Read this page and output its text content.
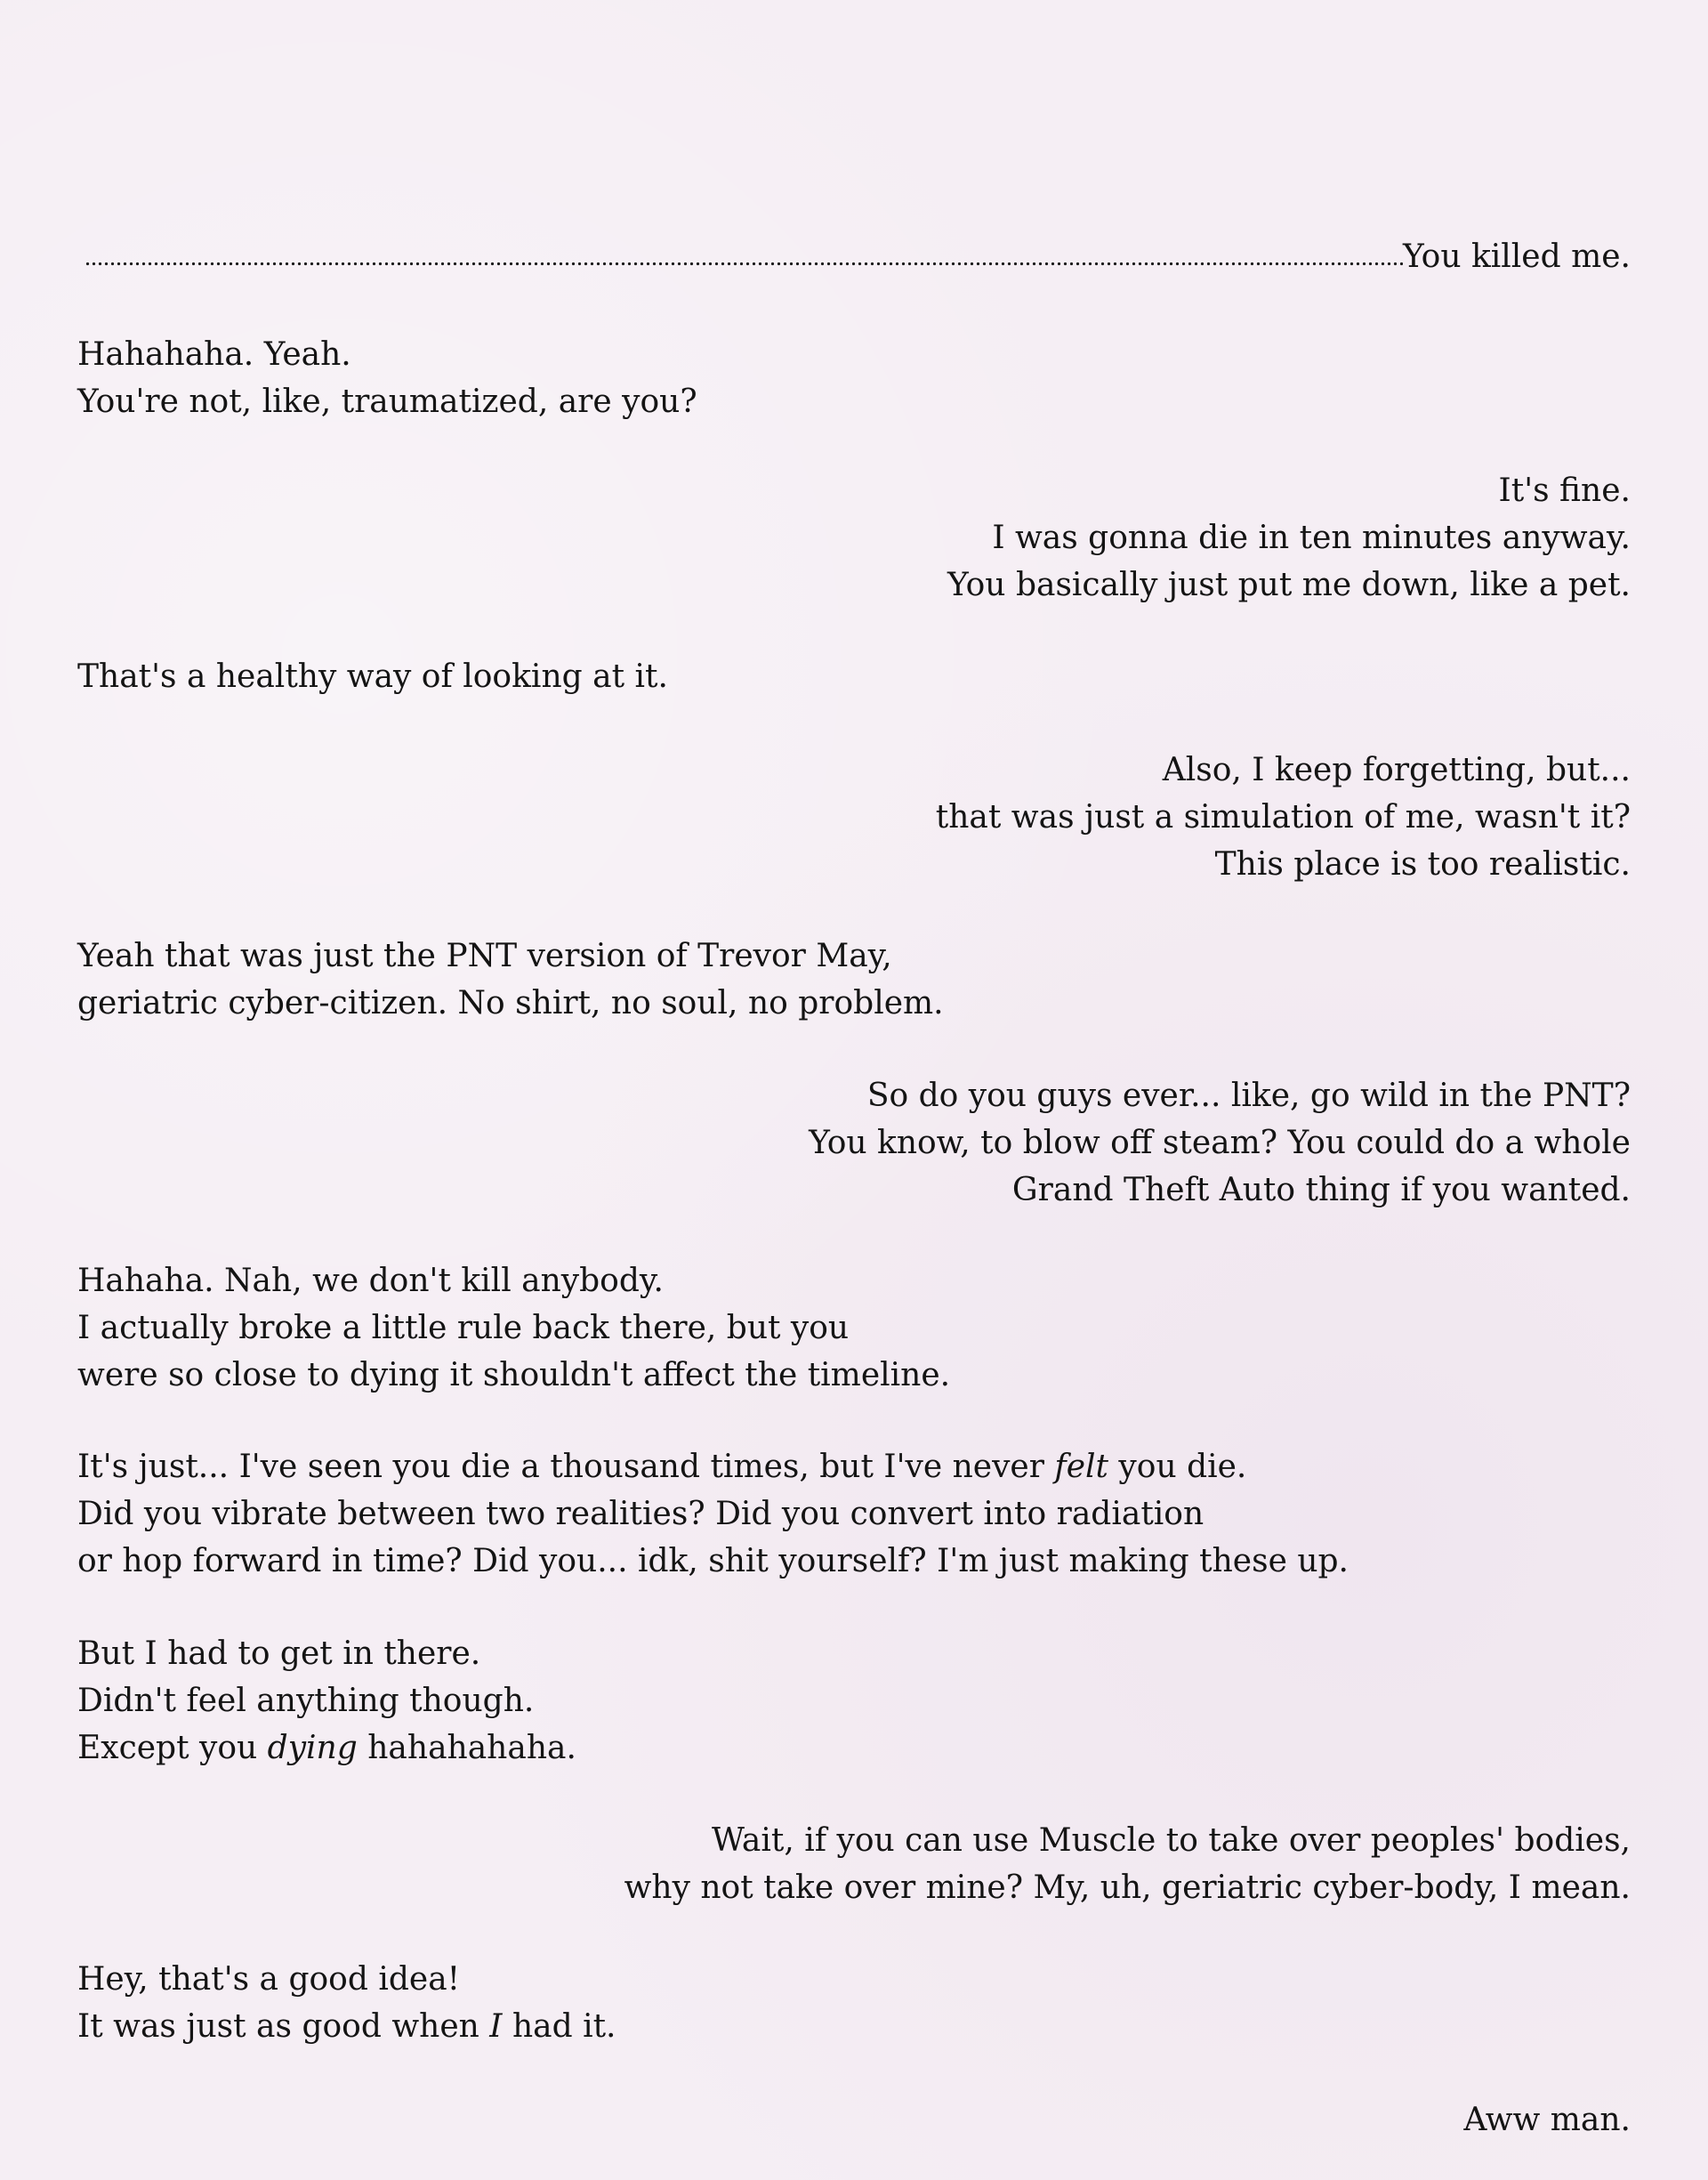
You killed me.
Hahahaha. Yeah.
You're not, like, traumatized, are you?
It's fine.
I was gonna die in ten minutes anyway.
You basically just put me down, like a pet.
That's a healthy way of looking at it.
Also, I keep forgetting, but...
that was just a simulation of me, wasn't it?
This place is too realistic.
Yeah that was just the PNT version of Trevor May,
geriatric cyber-citizen. No shirt, no soul, no problem.
So do you guys ever... like, go wild in the PNT?
You know, to blow off steam? You could do a whole
Grand Theft Auto thing if you wanted.
Hahaha. Nah, we don't kill anybody.
I actually broke a little rule back there, but you
were so close to dying it shouldn't affect the timeline.
It's just... I've seen you die a thousand times, but I've never felt you die.
Did you vibrate between two realities? Did you convert into radiation
or hop forward in time? Did you... idk, shit yourself? I'm just making these up.
But I had to get in there.
Didn't feel anything though.
Except you dying hahahahaha.
Wait, if you can use Muscle to take over peoples' bodies,
why not take over mine? My, uh, geriatric cyber-body, I mean.
Hey, that's a good idea!
It was just as good when I had it.
Aww man.
